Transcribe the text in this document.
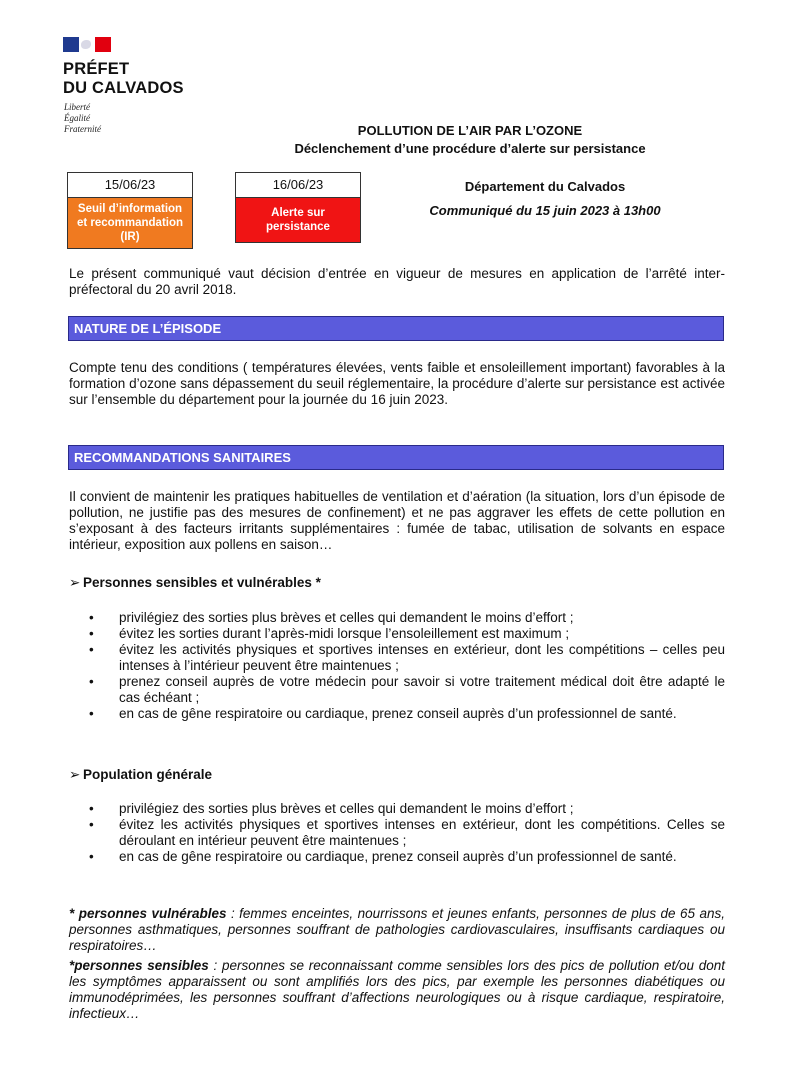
PRÉFET
DU CALVADOS
Liberté
Égalité
Fraternité	POLLUTION DE L’AIR PAR L’OZONE
Déclenchement d’une procédure d’alerte sur persistance
15/06/23
Seuil d’information et recommandation (IR)
16/06/23
Alerte sur persistance
Département du Calvados
Communiqué du 15 juin 2023 à 13h00
Le présent communiqué vaut décision d’entrée en vigueur de mesures en application de l’arrêté inter-préfectoral du 20 avril 2018.
NATURE DE L’ÉPISODE
Compte tenu des conditions ( températures élevées, vents faible et ensoleillement important) favorables à la formation d’ozone sans dépassement du seuil réglementaire, la procédure d’alerte sur persistance est activée sur l’ensemble du département pour la journée du 16 juin 2023.
RECOMMANDATIONS SANITAIRES
Il convient de maintenir les pratiques habituelles de ventilation et d’aération (la situation, lors d’un épisode de pollution, ne justifie pas des mesures de confinement) et ne pas aggraver les effets de cette pollution en s’exposant à des facteurs irritants supplémentaires : fumée de tabac, utilisation de solvants en espace intérieur, exposition aux pollens en saison…
➢ Personnes sensibles et vulnérables *
• privilégiez des sorties plus brèves et celles qui demandent le moins d’effort ;
• évitez les sorties durant l’après-midi lorsque l’ensoleillement est maximum ;
• évitez les activités physiques et sportives intenses en extérieur, dont les compétitions – celles peu intenses à l’intérieur peuvent être maintenues ;
• prenez conseil auprès de votre médecin pour savoir si votre traitement médical doit être adapté le cas échéant ;
• en cas de gêne respiratoire ou cardiaque, prenez conseil auprès d’un professionnel de santé.
➢ Population générale
• privilégiez des sorties plus brèves et celles qui demandent le moins d’effort ;
• évitez les activités physiques et sportives intenses en extérieur, dont les compétitions. Celles se déroulant en intérieur peuvent être maintenues ;
• en cas de gêne respiratoire ou cardiaque, prenez conseil auprès d’un professionnel de santé.
* personnes vulnérables : femmes enceintes, nourrissons et jeunes enfants, personnes de plus de 65 ans, personnes asthmatiques, personnes souffrant de pathologies cardiovasculaires, insuffisants cardiaques ou respiratoires…
*personnes sensibles : personnes se reconnaissant comme sensibles lors des pics de pollution et/ou dont les symptômes apparaissent ou sont amplifiés lors des pics, par exemple les personnes diabétiques ou immunodéprimées, les personnes souffrant d’affections neurologiques ou à risque cardiaque, respiratoire, infectieux…
